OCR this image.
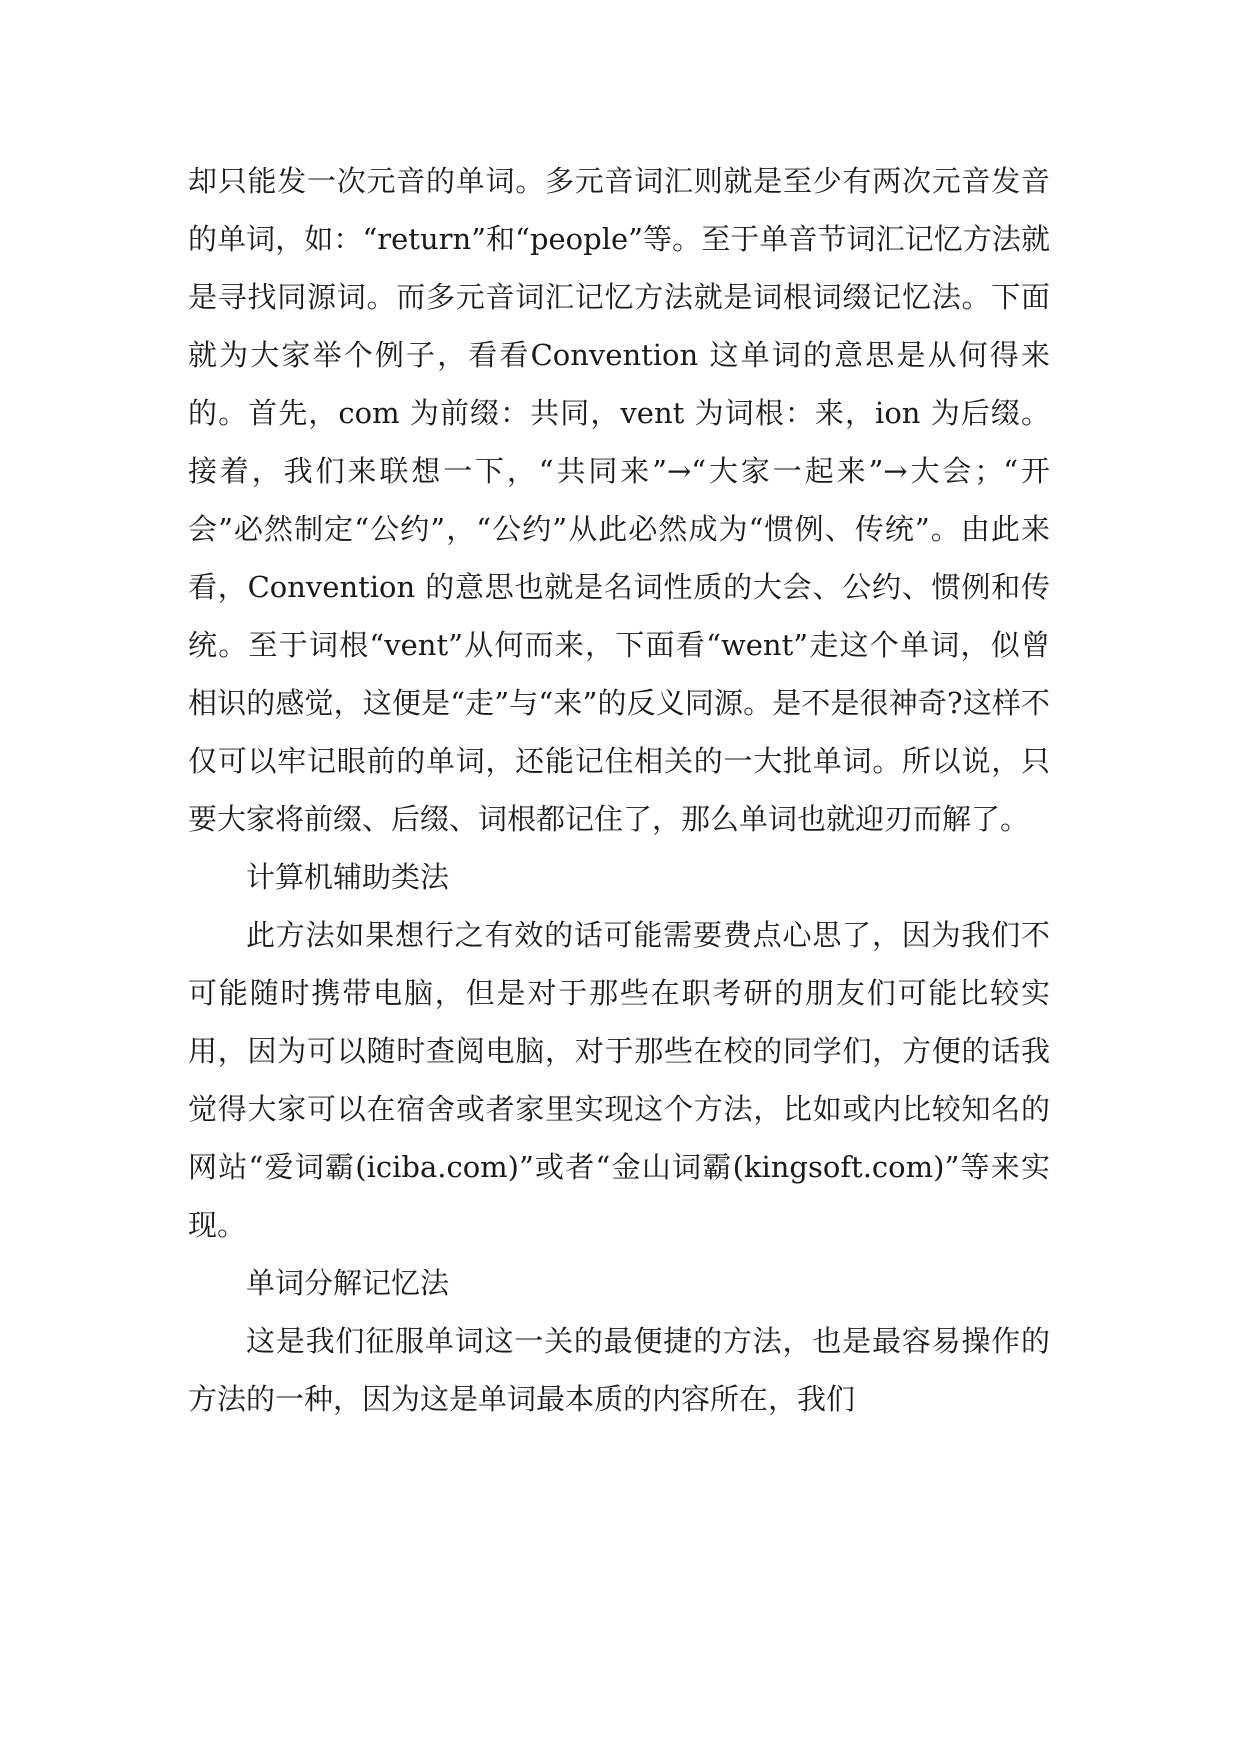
却只能发一次元音的单词。多元音词汇则就是至少有两次元音发音的单词，如：“return”和“people”等。至于单音节词汇记忆方法就是寻找同源词。而多元音词汇记忆方法就是词根词缀记忆法。下面就为大家举个例子，看看Convention 这单词的意思是从何得来的。首先，com 为前缀：共同，vent 为词根：来，ion 为后缀。接着，我们来联想一下，“共同来”→“大家一起来”→大会；“开会”必然制定“公约”，“公约”从此必然成为“惯例、传统”。由此来看，Convention 的意思也就是名词性质的大会、公约、惯例和传统。至于词根“vent”从何而来，下面看“went”走这个单词，似曾相识的感觉，这便是“走”与“来”的反义同源。是不是很神奇?这样不仅可以牢记眼前的单词，还能记住相关的一大批单词。所以说，只要大家将前缀、后缀、词根都记住了，那么单词也就迎刃而解了。

计算机辅助类法

此方法如果想行之有效的话可能需要费点心思了，因为我们不可能随时携带电脑，但是对于那些在职考研的朋友们可能比较实用，因为可以随时查阅电脑，对于那些在校的同学们，方便的话我觉得大家可以在宿舍或者家里实现这个方法，比如或内比较知名的网站“爱词霸(iciba.com)”或者“金山词霸(kingsoft.com)”等来实现。

单词分解记忆法

这是我们征服单词这一关的最便捷的方法，也是最容易操作的方法的一种，因为这是单词最本质的内容所在，我们
